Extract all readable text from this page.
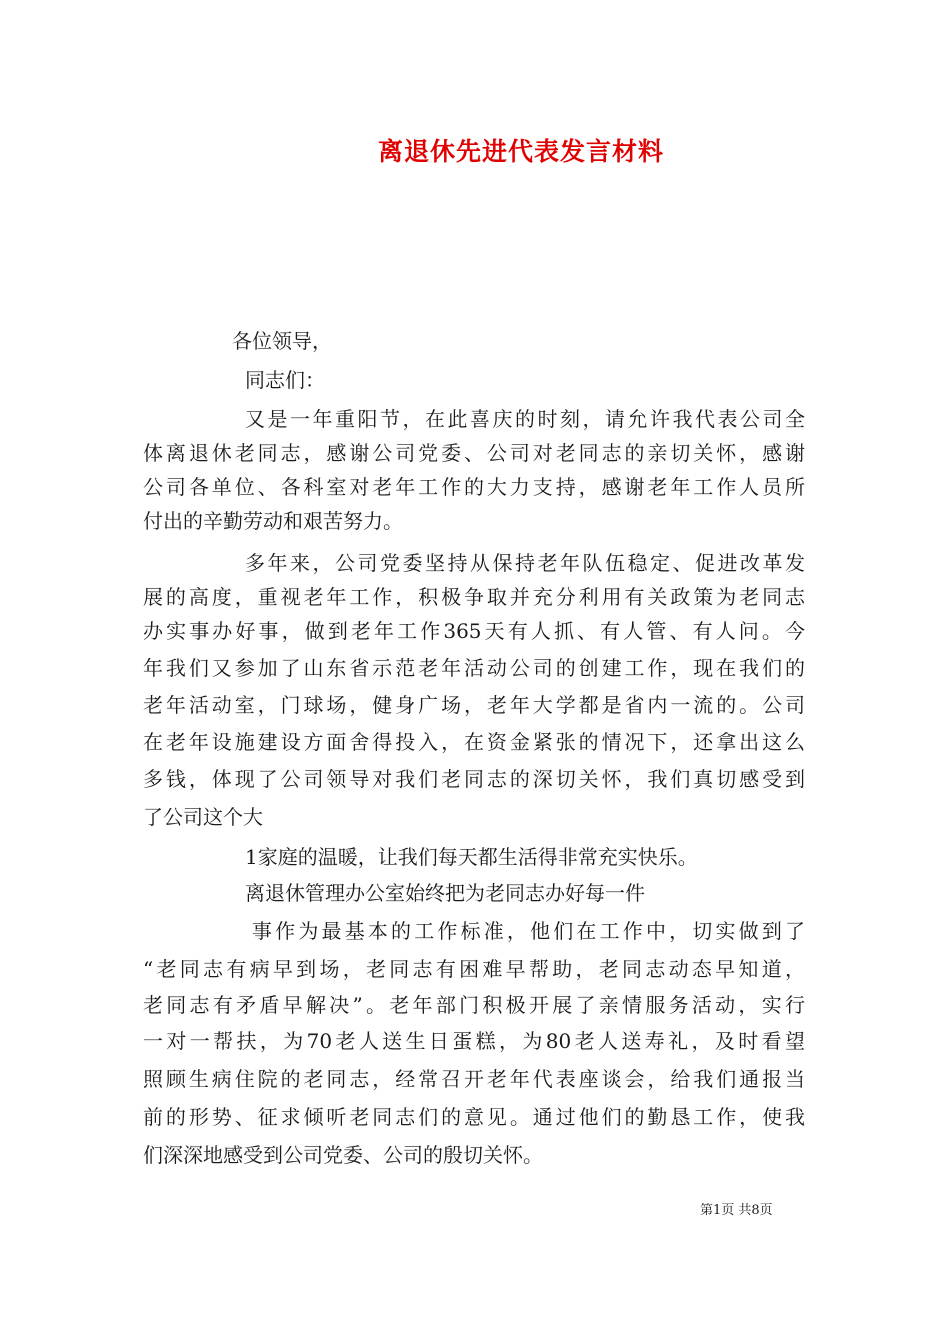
离退休先进代表发言材料
各位领导，
同志们：
又是一年重阳节，在此喜庆的时刻，请允许我代表公司全
体离退休老同志，感谢公司党委、公司对老同志的亲切关怀，感谢
公司各单位、各科室对老年工作的大力支持，感谢老年工作人员所
付出的辛勤劳动和艰苦努力。
多年来，公司党委坚持从保持老年队伍稳定、促进改革发
展的高度，重视老年工作，积极争取并充分利用有关政策为老同志
办实事办好事，做到老年工作365天有人抓、有人管、有人问。今
年我们又参加了山东省示范老年活动公司的创建工作，现在我们的
老年活动室，门球场，健身广场，老年大学都是省内一流的。公司
在老年设施建设方面舍得投入，在资金紧张的情况下，还拿出这么
多钱，体现了公司领导对我们老同志的深切关怀，我们真切感受到
了公司这个大
1家庭的温暖，让我们每天都生活得非常充实快乐。
离退休管理办公室始终把为老同志办好每一件
事作为最基本的工作标准，他们在工作中，切实做到了
“老同志有病早到场，老同志有困难早帮助，老同志动态早知道，
老同志有矛盾早解决”。老年部门积极开展了亲情服务活动，实行
一对一帮扶，为70老人送生日蛋糕，为80老人送寿礼，及时看望
照顾生病住院的老同志，经常召开老年代表座谈会，给我们通报当
前的形势、征求倾听老同志们的意见。通过他们的勤恳工作，使我
们深深地感受到公司党委、公司的殷切关怀。
第1页 共8页
